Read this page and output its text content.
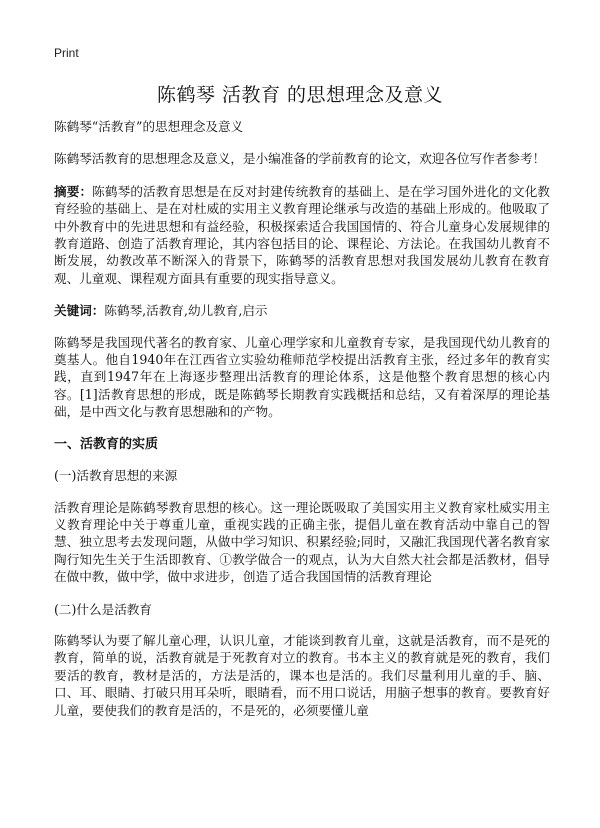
Print
陈鹤琴 活教育 的思想理念及意义

陈鹤琴“活教育”的思想理念及意义

陈鹤琴活教育的思想理念及意义，是小编准备的学前教育的论文，欢迎各位写作者参考！

摘要：陈鹤琴的活教育思想是在反对封建传统教育的基础上、是在学习国外进化的文化教育经验的基础上、是在对杜威的实用主义教育理论继承与改造的基础上形成的。他吸取了中外教育中的先进思想和有益经验，积极探索适合我国国情的、符合儿童身心发展规律的教育道路、创造了活教育理论，其内容包括目的论、课程论、方法论。在我国幼儿教育不断发展，幼教改革不断深入的背景下，陈鹤琴的活教育思想对我国发展幼儿教育在教育观、儿童观、课程观方面具有重要的现实指导意义。

关键词：陈鹤琴,活教育,幼儿教育,启示

陈鹤琴是我国现代著名的教育家、儿童心理学家和儿童教育专家，是我国现代幼儿教育的奠基人。他自1940年在江西省立实验幼稚师范学校提出活教育主张，经过多年的教育实践，直到1947年在上海逐步整理出活教育的理论体系，这是他整个教育思想的核心内容。[1]活教育思想的形成，既是陈鹤琴长期教育实践概括和总结，又有着深厚的理论基础，是中西文化与教育思想融和的产物。

一、活教育的实质
(一)活教育思想的来源

活教育理论是陈鹤琴教育思想的核心。这一理论既吸取了美国实用主义教育家杜威实用主义教育理论中关于尊重儿童，重视实践的正确主张，提倡儿童在教育活动中靠自己的智慧、独立思考去发现问题，从做中学习知识、积累经验;同时，又融汇我国现代著名教育家陶行知先生关于生活即教育、①教学做合一的观点，认为大自然大社会都是活教材，倡导在做中教，做中学，做中求进步，创造了适合我国国情的活教育理论

(二)什么是活教育

陈鹤琴认为要了解儿童心理，认识儿童，才能谈到教育儿童，这就是活教育，而不是死的教育，简单的说，活教育就是于死教育对立的教育。书本主义的教育就是死的教育，我们要活的教育，教材是活的，方法是活的，课本也是活的。我们尽量利用儿童的手、脑、口、耳、眼睛、打破只用耳朵听，眼睛看，而不用口说话，用脑子想事的教育。要教育好儿童，要使我们的教育是活的，不是死的，必须要懂儿童
